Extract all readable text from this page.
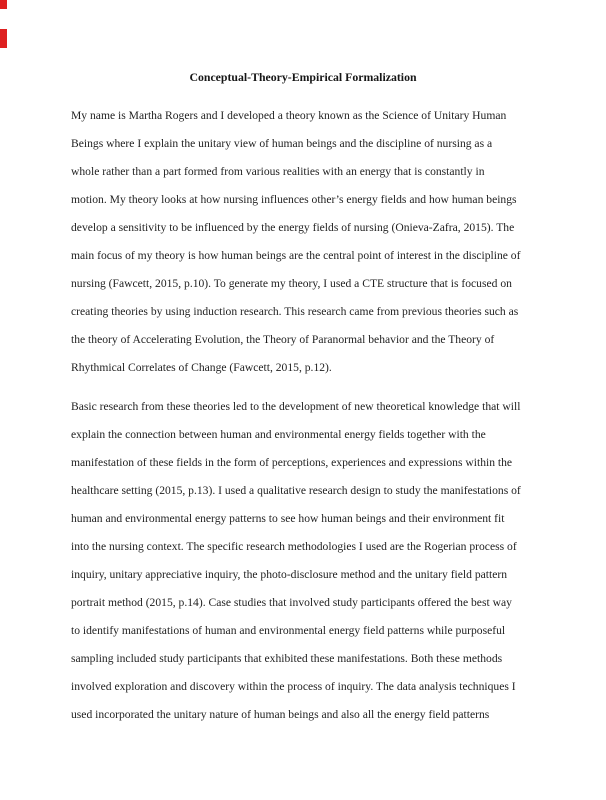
Conceptual-Theory-Empirical Formalization
My name is Martha Rogers and I developed a theory known as the Science of Unitary Human
Beings where I explain the unitary view of human beings and the discipline of nursing as a
whole rather than a part formed from various realities with an energy that is constantly in
motion. My theory looks at how nursing influences other’s energy fields and how human beings
develop a sensitivity to be influenced by the energy fields of nursing (Onieva-Zafra, 2015). The
main focus of my theory is how human beings are the central point of interest in the discipline of
nursing (Fawcett, 2015, p.10). To generate my theory, I used a CTE structure that is focused on
creating theories by using induction research. This research came from previous theories such as
the theory of Accelerating Evolution, the Theory of Paranormal behavior and the Theory of
Rhythmical Correlates of Change (Fawcett, 2015, p.12).
Basic research from these theories led to the development of new theoretical knowledge that will
explain the connection between human and environmental energy fields together with the
manifestation of these fields in the form of perceptions, experiences and expressions within the
healthcare setting (2015, p.13). I used a qualitative research design to study the manifestations of
human and environmental energy patterns to see how human beings and their environment fit
into the nursing context. The specific research methodologies I used are the Rogerian process of
inquiry, unitary appreciative inquiry, the photo-disclosure method and the unitary field pattern
portrait method (2015, p.14). Case studies that involved study participants offered the best way
to identify manifestations of human and environmental energy field patterns while purposeful
sampling included study participants that exhibited these manifestations. Both these methods
involved exploration and discovery within the process of inquiry. The data analysis techniques I
used incorporated the unitary nature of human beings and also all the energy field patterns
